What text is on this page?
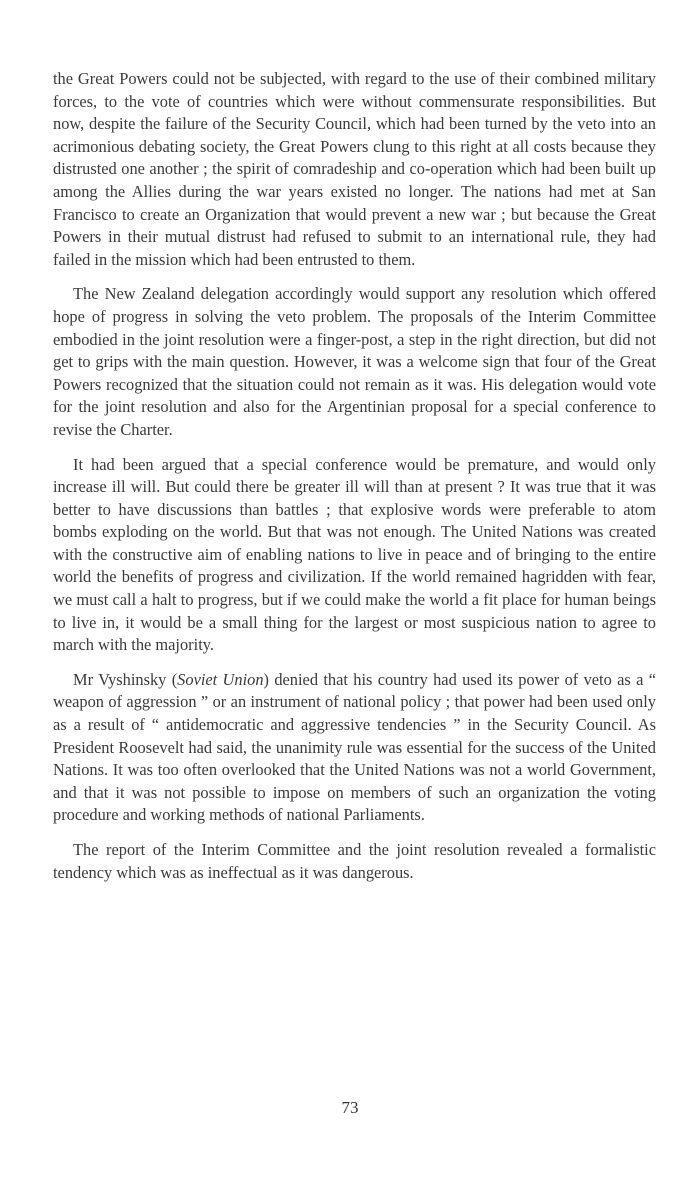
the Great Powers could not be subjected, with regard to the use of their combined military forces, to the vote of countries which were without commensurate responsibilities. But now, despite the failure of the Security Council, which had been turned by the veto into an acrimonious debating society, the Great Powers clung to this right at all costs because they distrusted one another ; the spirit of comradeship and co-operation which had been built up among the Allies during the war years existed no longer. The nations had met at San Francisco to create an Organization that would prevent a new war ; but because the Great Powers in their mutual distrust had refused to submit to an international rule, they had failed in the mission which had been entrusted to them.

The New Zealand delegation accordingly would support any resolution which offered hope of progress in solving the veto problem. The proposals of the Interim Committee embodied in the joint resolution were a finger-post, a step in the right direction, but did not get to grips with the main question. However, it was a welcome sign that four of the Great Powers recognized that the situation could not remain as it was. His delegation would vote for the joint resolution and also for the Argentinian proposal for a special conference to revise the Charter.

It had been argued that a special conference would be premature, and would only increase ill will. But could there be greater ill will than at present ? It was true that it was better to have discussions than battles ; that explosive words were preferable to atom bombs exploding on the world. But that was not enough. The United Nations was created with the constructive aim of enabling nations to live in peace and of bringing to the entire world the benefits of progress and civilization. If the world remained hagridden with fear, we must call a halt to progress, but if we could make the world a fit place for human beings to live in, it would be a small thing for the largest or most suspicious nation to agree to march with the majority.

Mr Vyshinsky (Soviet Union) denied that his country had used its power of veto as a “ weapon of aggression ” or an instrument of national policy ; that power had been used only as a result of “ antidemocratic and aggressive tendencies ” in the Security Council. As President Roosevelt had said, the unanimity rule was essential for the success of the United Nations. It was too often overlooked that the United Nations was not a world Government, and that it was not possible to impose on members of such an organization the voting procedure and working methods of national Parliaments.

The report of the Interim Committee and the joint resolution revealed a formalistic tendency which was as ineffectual as it was dangerous.

73
